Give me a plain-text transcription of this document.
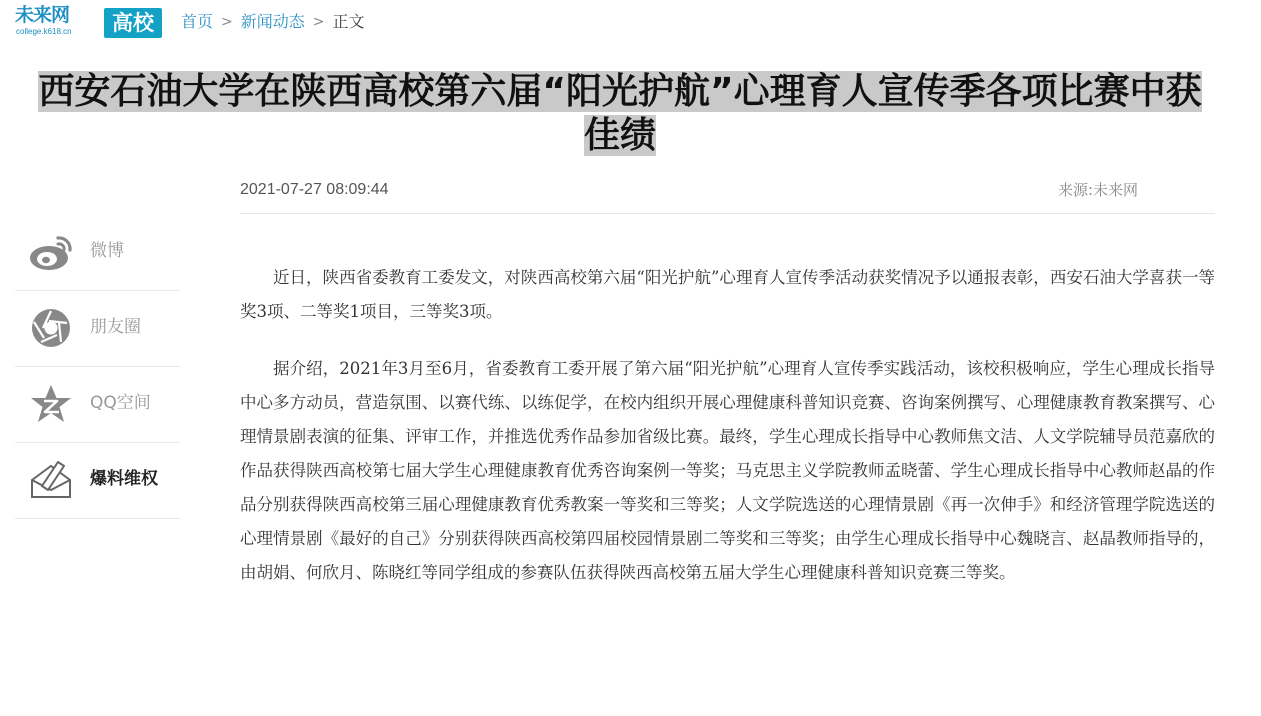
未来网
college.k618.cn	高校	首页 > 新闻动态 > 正文
西安石油大学在陕西高校第六届“阳光护航”心理育人宣传季各项比赛中获佳绩
2021-07-27 08:09:44	来源:未来网
微博
朋友圈
QQ空间
爆料维权

近日，陕西省委教育工委发文，对陕西高校第六届“阳光护航”心理育人宣传季活动获奖情况予以通报表彰，西安石油大学喜获一等奖3项、二等奖1项目，三等奖3项。

据介绍，2021年3月至6月，省委教育工委开展了第六届“阳光护航”心理育人宣传季实践活动，该校积极响应，学生心理成长指导中心多方动员，营造氛围、以赛代练、以练促学，在校内组织开展心理健康科普知识竞赛、咨询案例撰写、心理健康教育教案撰写、心理情景剧表演的征集、评审工作，并推选优秀作品参加省级比赛。最终，学生心理成长指导中心教师焦文洁、人文学院辅导员范嘉欣的作品获得陕西高校第七届大学生心理健康教育优秀咨询案例一等奖；马克思主义学院教师孟晓蕾、学生心理成长指导中心教师赵晶的作品分别获得陕西高校第三届心理健康教育优秀教案一等奖和三等奖；人文学院选送的心理情景剧《再一次伸手》和经济管理学院选送的心理情景剧《最好的自己》分别获得陕西高校第四届校园情景剧二等奖和三等奖；由学生心理成长指导中心魏晓言、赵晶教师指导的，由胡娟、何欣月、陈晓红等同学组成的参赛队伍获得陕西高校第五届大学生心理健康科普知识竞赛三等奖。
